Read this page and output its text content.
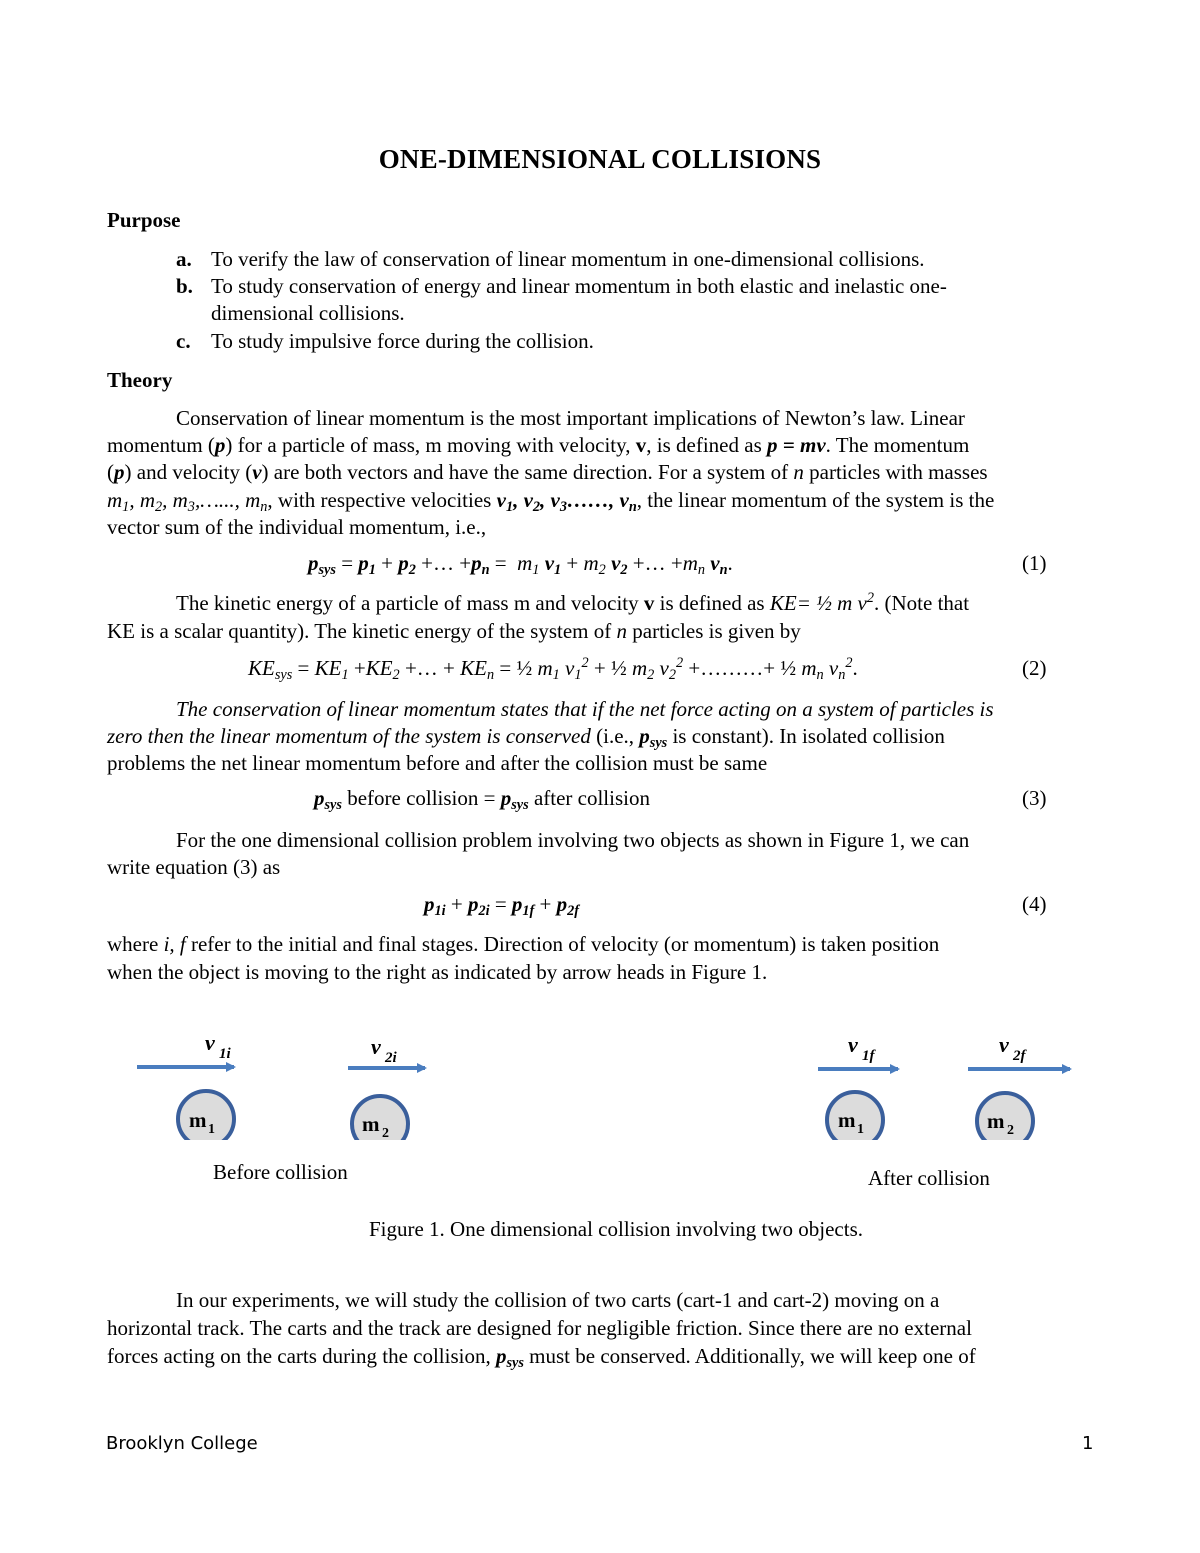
ONE-DIMENSIONAL COLLISIONS
Purpose
a. To verify the law of conservation of linear momentum in one-dimensional collisions.
b. To study conservation of energy and linear momentum in both elastic and inelastic one-
dimensional collisions.
c. To study impulsive force during the collision.
Theory
Conservation of linear momentum is the most important implications of Newton’s law. Linear
momentum (p) for a particle of mass, m moving with velocity, v, is defined as p = mv. The momentum
(p) and velocity (v) are both vectors and have the same direction. For a system of n particles with masses
$m_1$, $m_2$, $m_3,\dots$..., $m_n$, with respective velocities $v_1$, $v_2$, $v_3\dots\dots$, $v_n$, the linear momentum of the system is the
vector sum of the individual momentum, i.e.,
$p_{sys} = p_1 + p_2$ +… $+p_n = m_1$ $v_1 + m_2$ $v_2$ +… $+m_n$ $v_n$.	(1)
The kinetic energy of a particle of mass m and velocity v is defined as KE= ½ m $v^2$. (Note that
KE is a scalar quantity). The kinetic energy of the system of n particles is given by
$KE_{sys} = KE_1 +KE_2$ +… + $KE_n$ = ½ $m_1$ $v_1^2$ + ½ $m_2$ $v_2^2$ +………+ ½ $m_n$ $v_n^2$.	(2)
The conservation of linear momentum states that if the net force acting on a system of particles is
zero then the linear momentum of the system is conserved (i.e., $p_{sys}$ is constant). In isolated collision
problems the net linear momentum before and after the collision must be same
$p_{sys}$ before collision = $p_{sys}$ after collision	(3)
For the one dimensional collision problem involving two objects as shown in Figure 1, we can
write equation (3) as
$p_{1i} + p_{2i} = p_{1f} + p_{2f}$	(4)
where i, f refer to the initial and final stages. Direction of velocity (or momentum) is taken position
when the object is moving to the right as indicated by arrow heads in Figure 1.
v 1i	v 2i
m 1	m 2
v 1f	v 2f
m 1	m 2
Before collision	After collision
Figure 1. One dimensional collision involving two objects.
In our experiments, we will study the collision of two carts (cart-1 and cart-2) moving on a
horizontal track. The carts and the track are designed for negligible friction. Since there are no external
forces acting on the carts during the collision, $p_{sys}$ must be conserved. Additionally, we will keep one of
Brooklyn College	1
